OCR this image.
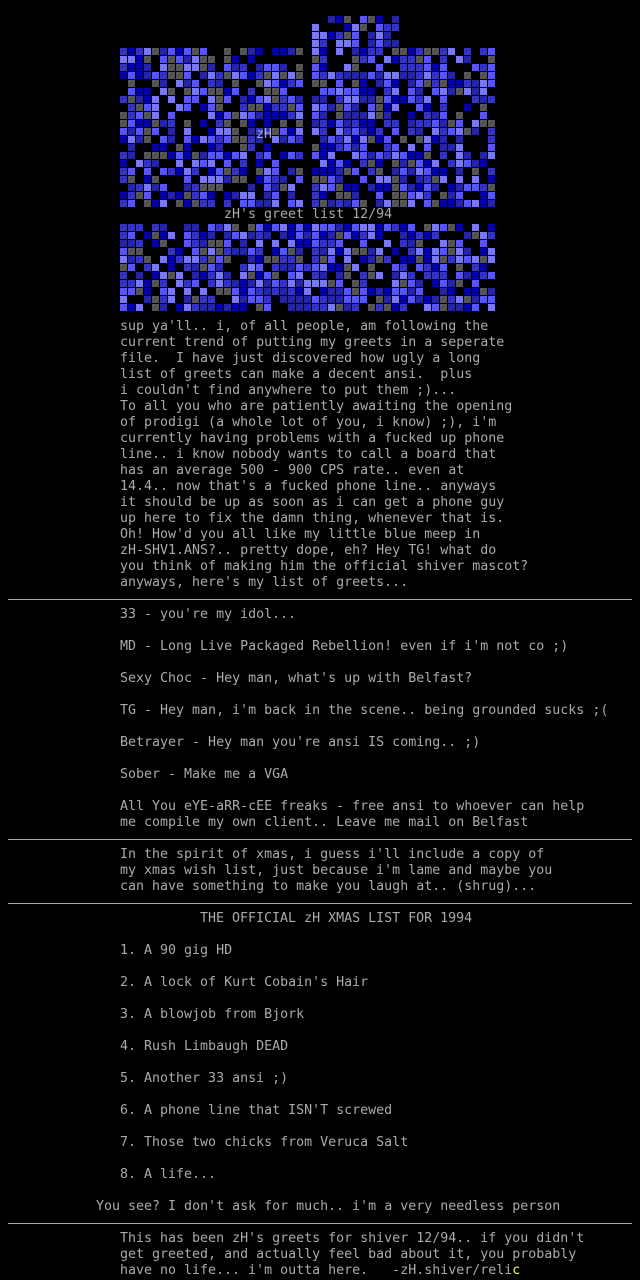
zH
zH's greet list 12/94
sup ya'll.. i, of all people, am following the
current trend of putting my greets in a seperate
file.  I have just discovered how ugly a long
list of greets can make a decent ansi.  plus
i couldn't find anywhere to put them ;)...
To all you who are patiently awaiting the opening
of prodigi (a whole lot of you, i know) ;), i'm
currently having problems with a fucked up phone
line.. i know nobody wants to call a board that
has an average 500 - 900 CPS rate.. even at
14.4.. now that's a fucked phone line.. anyways
it should be up as soon as i can get a phone guy
up here to fix the damn thing, whenever that is.
Oh! How'd you all like my little blue meep in
zH-SHV1.ANS?.. pretty dope, eh? Hey TG! what do
you think of making him the official shiver mascot?
anyways, here's my list of greets...
33 - you're my idol...
MD - Long Live Packaged Rebellion! even if i'm not co ;)
Sexy Choc - Hey man, what's up with Belfast?
TG - Hey man, i'm back in the scene.. being grounded sucks ;(
Betrayer - Hey man you're ansi IS coming.. ;)
Sober - Make me a VGA
All You eYE-aRR-cEE freaks - free ansi to whoever can help
me compile my own client.. Leave me mail on Belfast
In the spirit of xmas, i guess i'll include a copy of
my xmas wish list, just because i'm lame and maybe you
can have something to make you laugh at.. (shrug)...
THE OFFICIAL zH XMAS LIST FOR 1994
1. A 90 gig HD
2. A lock of Kurt Cobain's Hair
3. A blowjob from Bjork
4. Rush Limbaugh DEAD
5. Another 33 ansi ;)
6. A phone line that ISN'T screwed
7. Those two chicks from Veruca Salt
8. A life...
You see? I don't ask for much.. i'm a very needless person
This has been zH's greets for shiver 12/94.. if you didn't
get greeted, and actually feel bad about it, you probably
have no life... i'm outta here.   -zH.shiver/relic
